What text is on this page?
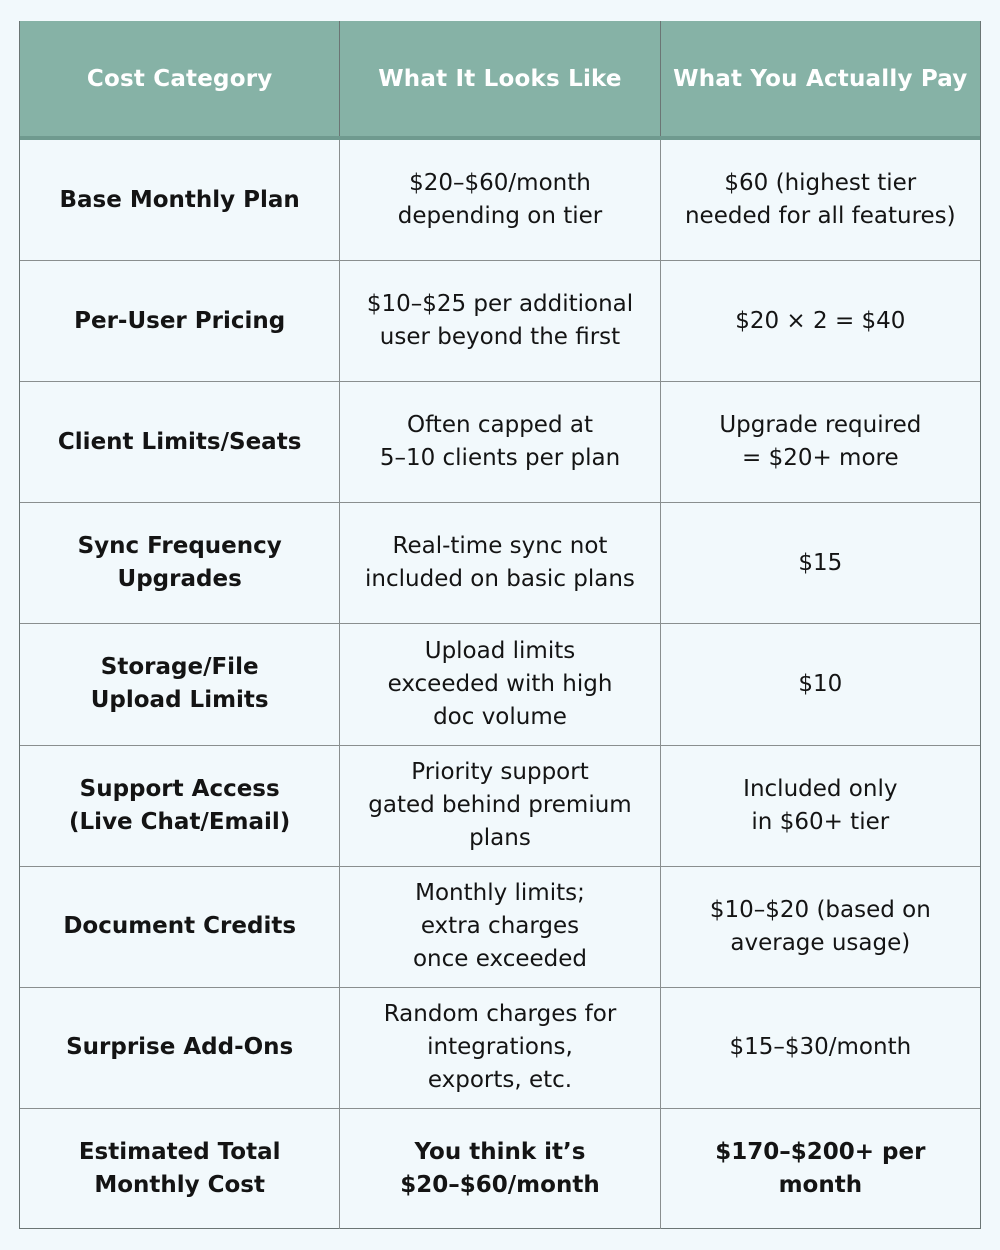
Cost Category	What It Looks Like	What You Actually Pay
Base Monthly Plan
$20–$60/month
depending on tier
$60 (highest tier
needed for all features)
Per-User Pricing
$10–$25 per additional
user beyond the first
$20 × 2 = $40
Client Limits/Seats
Often capped at
5–10 clients per plan
Upgrade required
= $20+ more
Sync Frequency
Upgrades
Real-time sync not
included on basic plans
$15
Storage/File
Upload Limits
Upload limits
exceeded with high
doc volume
$10
Support Access
(Live Chat/Email)
Priority support
gated behind premium
plans
Included only
in $60+ tier
Document Credits
Monthly limits;
extra charges
once exceeded
$10–$20 (based on
average usage)
Surprise Add-Ons
Random charges for
integrations,
exports, etc.
$15–$30/month
Estimated Total
Monthly Cost
You think it’s
$20–$60/month
$170–$200+ per month
